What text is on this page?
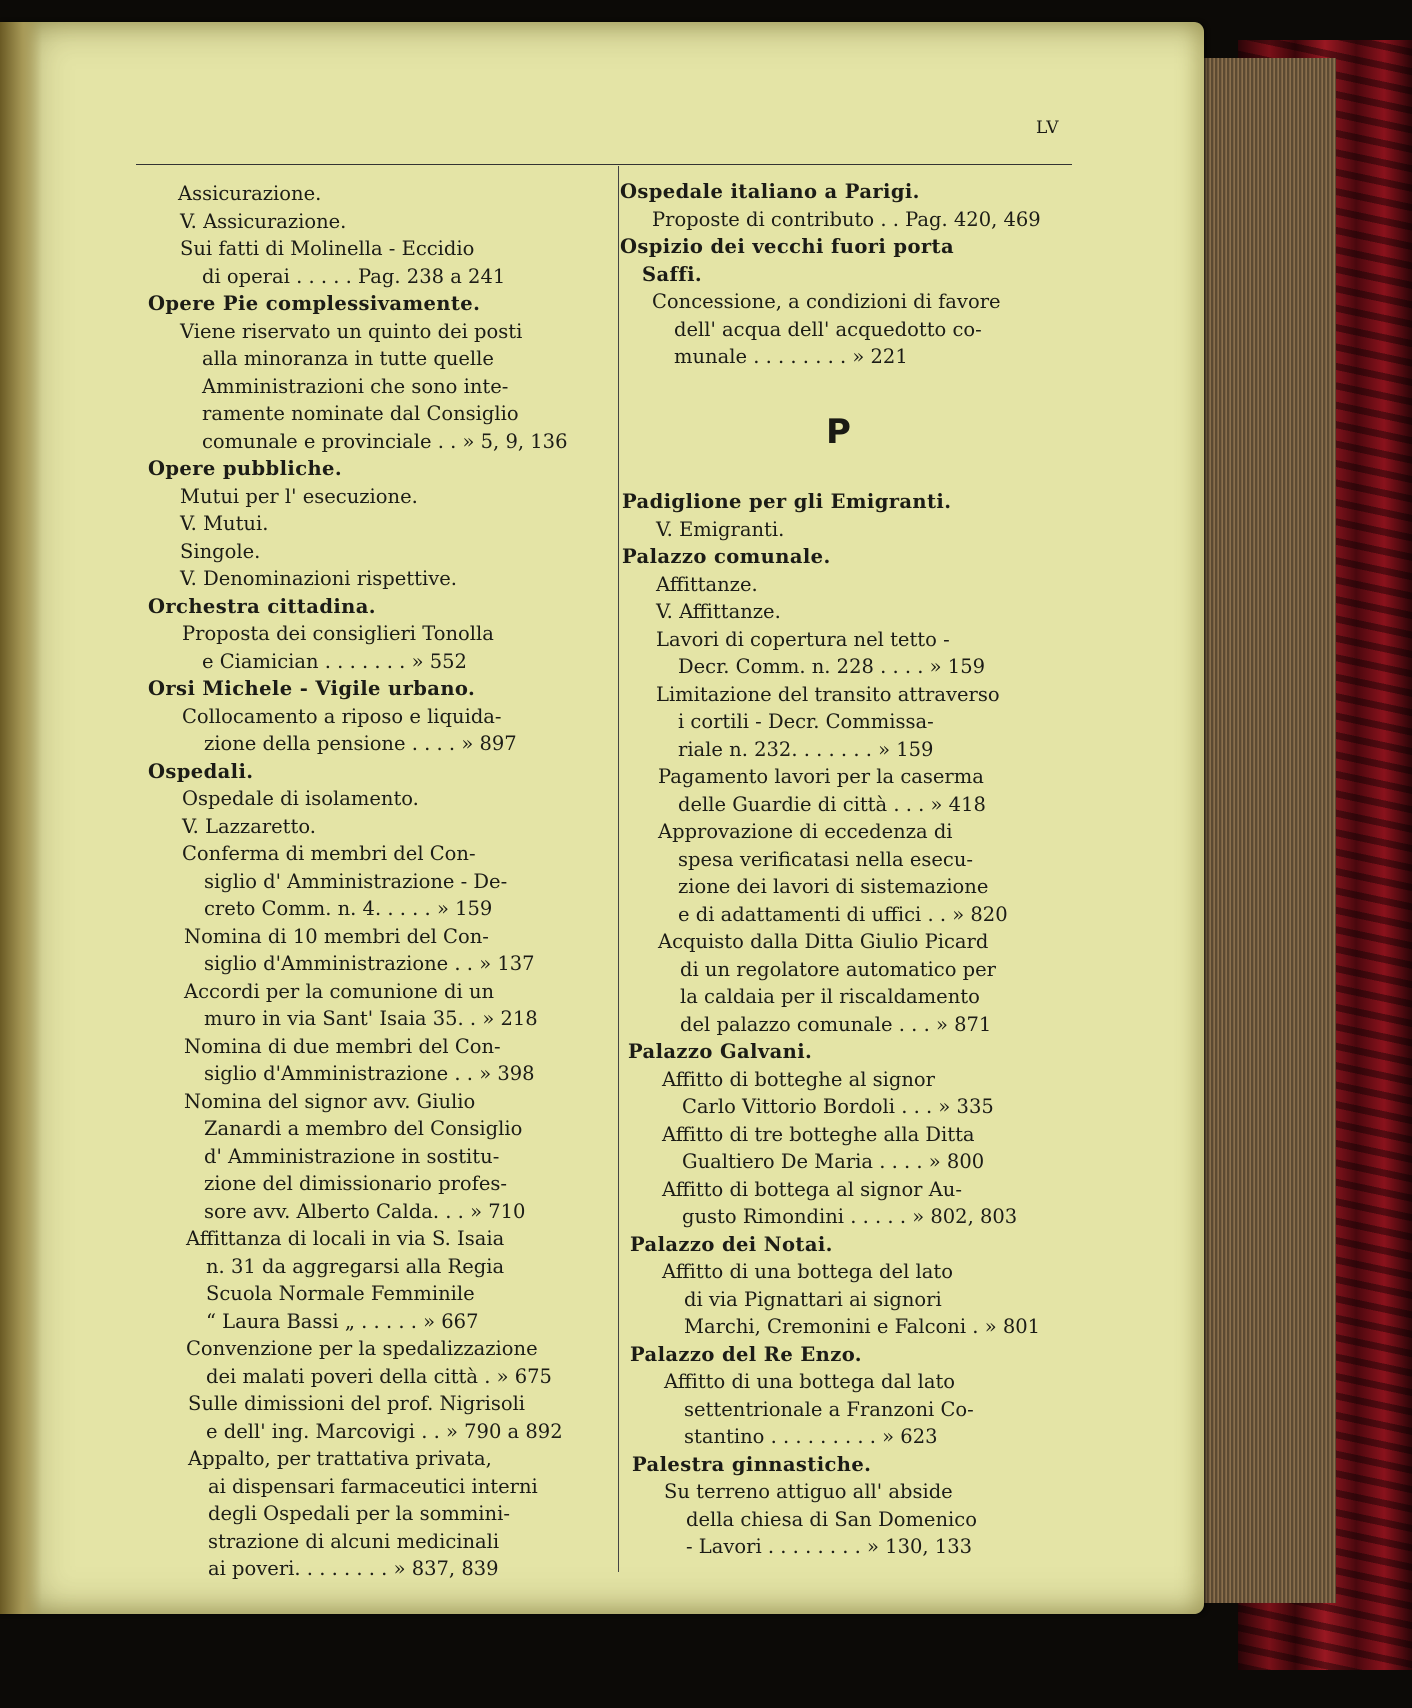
LV
Assicurazione.
V. Assicurazione.
Sui fatti di Molinella - Eccidio
di operai . . . . . Pag. 238 a 241
Opere Pie complessivamente.
Viene riservato un quinto dei posti
alla minoranza in tutte quelle
Amministrazioni che sono inte-
ramente nominate dal Consiglio
comunale e provinciale . . » 5, 9, 136
Opere pubbliche.
Mutui per l' esecuzione.
V. Mutui.
Singole.
V. Denominazioni rispettive.
Orchestra cittadina.
Proposta dei consiglieri Tonolla
e Ciamician . . . . . . . » 552
Orsi Michele - Vigile urbano.
Collocamento a riposo e liquida-
zione della pensione . . . . » 897
Ospedali.
Ospedale di isolamento.
V. Lazzaretto.
Conferma di membri del Con-
siglio d' Amministrazione - De-
creto Comm. n. 4. . . . . » 159
Nomina di 10 membri del Con-
siglio d'Amministrazione . . » 137
Accordi per la comunione di un
muro in via Sant' Isaia 35. . » 218
Nomina di due membri del Con-
siglio d'Amministrazione . . » 398
Nomina del signor avv. Giulio
Zanardi a membro del Consiglio
d' Amministrazione in sostitu-
zione del dimissionario profes-
sore avv. Alberto Calda. . . » 710
Affittanza di locali in via S. Isaia
n. 31 da aggregarsi alla Regia
Scuola Normale Femminile
“ Laura Bassi „ . . . . . » 667
Convenzione per la spedalizzazione
dei malati poveri della città . » 675
Sulle dimissioni del prof. Nigrisoli
e dell' ing. Marcovigi . . » 790 a 892
Appalto, per trattativa privata,
ai dispensari farmaceutici interni
degli Ospedali per la sommini-
strazione di alcuni medicinali
ai poveri. . . . . . . . » 837, 839
Ospedale italiano a Parigi.
Proposte di contributo . . Pag. 420, 469
Ospizio dei vecchi fuori porta
Saffi.
Concessione, a condizioni di favore
dell' acqua dell' acquedotto co-
munale . . . . . . . . » 221
P
Padiglione per gli Emigranti.
V. Emigranti.
Palazzo comunale.
Affittanze.
V. Affittanze.
Lavori di copertura nel tetto -
Decr. Comm. n. 228 . . . . » 159
Limitazione del transito attraverso
i cortili - Decr. Commissa-
riale n. 232. . . . . . . » 159
Pagamento lavori per la caserma
delle Guardie di città . . . » 418
Approvazione di eccedenza di
spesa verificatasi nella esecu-
zione dei lavori di sistemazione
e di adattamenti di uffici . . » 820
Acquisto dalla Ditta Giulio Picard
di un regolatore automatico per
la caldaia per il riscaldamento
del palazzo comunale . . . » 871
Palazzo Galvani.
Affitto di botteghe al signor
Carlo Vittorio Bordoli . . . » 335
Affitto di tre botteghe alla Ditta
Gualtiero De Maria . . . . » 800
Affitto di bottega al signor Au-
gusto Rimondini . . . . . » 802, 803
Palazzo dei Notai.
Affitto di una bottega del lato
di via Pignattari ai signori
Marchi, Cremonini e Falconi . » 801
Palazzo del Re Enzo.
Affitto di una bottega dal lato
settentrionale a Franzoni Co-
stantino . . . . . . . . . » 623
Palestra ginnastiche.
Su terreno attiguo all' abside
della chiesa di San Domenico
- Lavori . . . . . . . . » 130, 133
